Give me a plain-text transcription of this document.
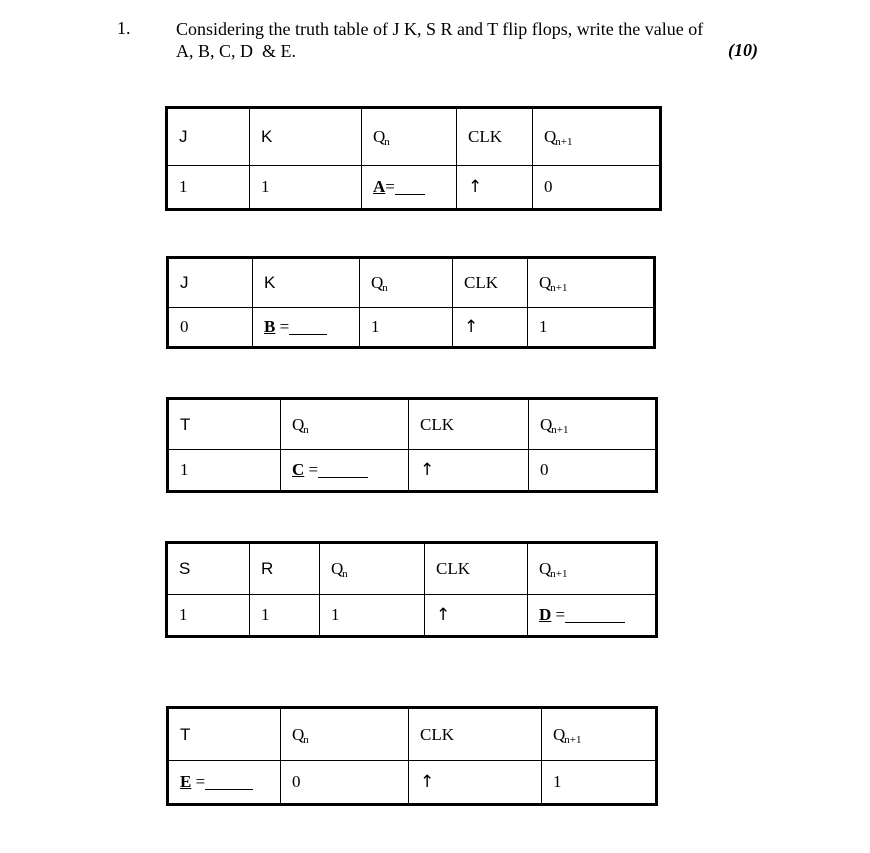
1.	Considering the truth table of J K, S R and T flip flops, write the value of
A, B, C, D  & E.	(10)
J	K	$Q_n$	CLK	$Q_{n+1}$
1	1	A=	↑	0
J	K	$Q_n$	CLK	$Q_{n+1}$
0	B =	1	↑	1
T	$Q_n$	CLK	$Q_{n+1}$
1	C =	↑	0
S	R	$Q_n$	CLK	$Q_{n+1}$
1	1	1	↑	D =
T	$Q_n$	CLK	$Q_{n+1}$
E =	0	↑	1
